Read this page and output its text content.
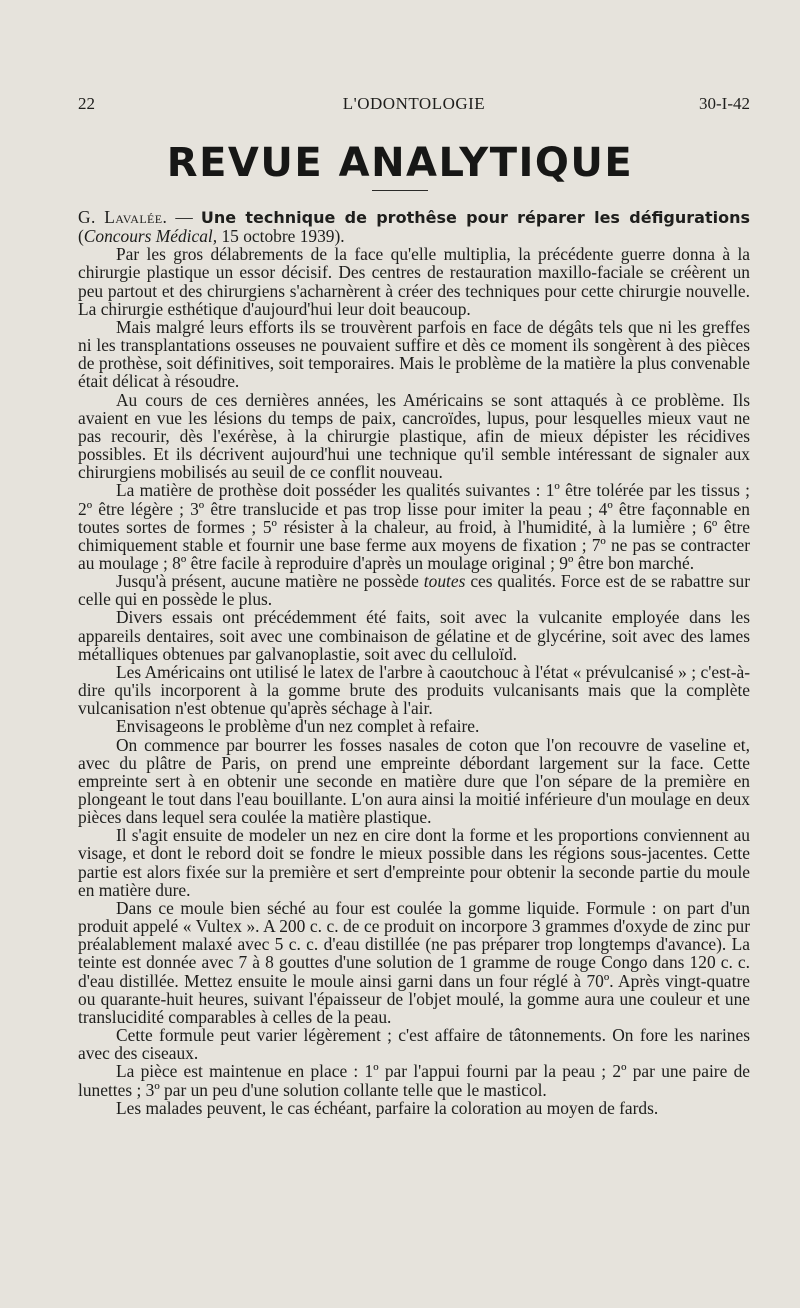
22	L'ODONTOLOGIE	30-I-42
REVUE ANALYTIQUE

G. Lavalée. — Une technique de prothêse pour réparer les défigurations (Concours Médical, 15 octobre 1939).

Par les gros délabrements de la face qu'elle multiplia, la précédente guerre donna à la chirurgie plastique un essor décisif. Des centres de restauration maxillo-faciale se créèrent un peu partout et des chirurgiens s'acharnèrent à créer des techniques pour cette chirurgie nouvelle. La chirurgie esthétique d'aujourd'hui leur doit beaucoup.

Mais malgré leurs efforts ils se trouvèrent parfois en face de dégâts tels que ni les greffes ni les transplantations osseuses ne pouvaient suffire et dès ce moment ils songèrent à des pièces de prothèse, soit définitives, soit temporaires. Mais le problème de la matière la plus convenable était délicat à résoudre.

Au cours de ces dernières années, les Américains se sont attaqués à ce problème. Ils avaient en vue les lésions du temps de paix, cancroïdes, lupus, pour lesquelles mieux vaut ne pas recourir, dès l'exérèse, à la chirurgie plastique, afin de mieux dépister les récidives possibles. Et ils décrivent aujourd'hui une technique qu'il semble intéressant de signaler aux chirurgiens mobilisés au seuil de ce conflit nouveau.

La matière de prothèse doit posséder les qualités suivantes : 1º être tolérée par les tissus ; 2º être légère ; 3º être translucide et pas trop lisse pour imiter la peau ; 4º être façonnable en toutes sortes de formes ; 5º résister à la chaleur, au froid, à l'humidité, à la lumière ; 6º être chimiquement stable et fournir une base ferme aux moyens de fixation ; 7º ne pas se contracter au moulage ; 8º être facile à reproduire d'après un moulage original ; 9º être bon marché.

Jusqu'à présent, aucune matière ne possède toutes ces qualités. Force est de se rabattre sur celle qui en possède le plus.

Divers essais ont précédemment été faits, soit avec la vulcanite employée dans les appareils dentaires, soit avec une combinaison de gélatine et de glycérine, soit avec des lames métalliques obtenues par galvanoplastie, soit avec du celluloïd.

Les Américains ont utilisé le latex de l'arbre à caoutchouc à l'état « prévulcanisé » ; c'est-à-dire qu'ils incorporent à la gomme brute des produits vulcanisants mais que la complète vulcanisation n'est obtenue qu'après séchage à l'air.

Envisageons le problème d'un nez complet à refaire.

On commence par bourrer les fosses nasales de coton que l'on recouvre de vaseline et, avec du plâtre de Paris, on prend une empreinte débordant largement sur la face. Cette empreinte sert à en obtenir une seconde en matière dure que l'on sépare de la première en plongeant le tout dans l'eau bouillante. L'on aura ainsi la moitié inférieure d'un moulage en deux pièces dans lequel sera coulée la matière plastique.

Il s'agit ensuite de modeler un nez en cire dont la forme et les proportions conviennent au visage, et dont le rebord doit se fondre le mieux possible dans les régions sous-jacentes. Cette partie est alors fixée sur la première et sert d'empreinte pour obtenir la seconde partie du moule en matière dure.

Dans ce moule bien séché au four est coulée la gomme liquide. Formule : on part d'un produit appelé « Vultex ». A 200 c. c. de ce produit on incorpore 3 grammes d'oxyde de zinc pur préalablement malaxé avec 5 c. c. d'eau distillée (ne pas préparer trop longtemps d'avance). La teinte est donnée avec 7 à 8 gouttes d'une solution de 1 gramme de rouge Congo dans 120 c. c. d'eau distillée. Mettez ensuite le moule ainsi garni dans un four réglé à 70º. Après vingt-quatre ou quarante-huit heures, suivant l'épaisseur de l'objet moulé, la gomme aura une couleur et une translucidité comparables à celles de la peau.

Cette formule peut varier légèrement ; c'est affaire de tâtonnements. On fore les narines avec des ciseaux.

La pièce est maintenue en place : 1º par l'appui fourni par la peau ; 2º par une paire de lunettes ; 3º par un peu d'une solution collante telle que le masticol.

Les malades peuvent, le cas échéant, parfaire la coloration au moyen de fards.
